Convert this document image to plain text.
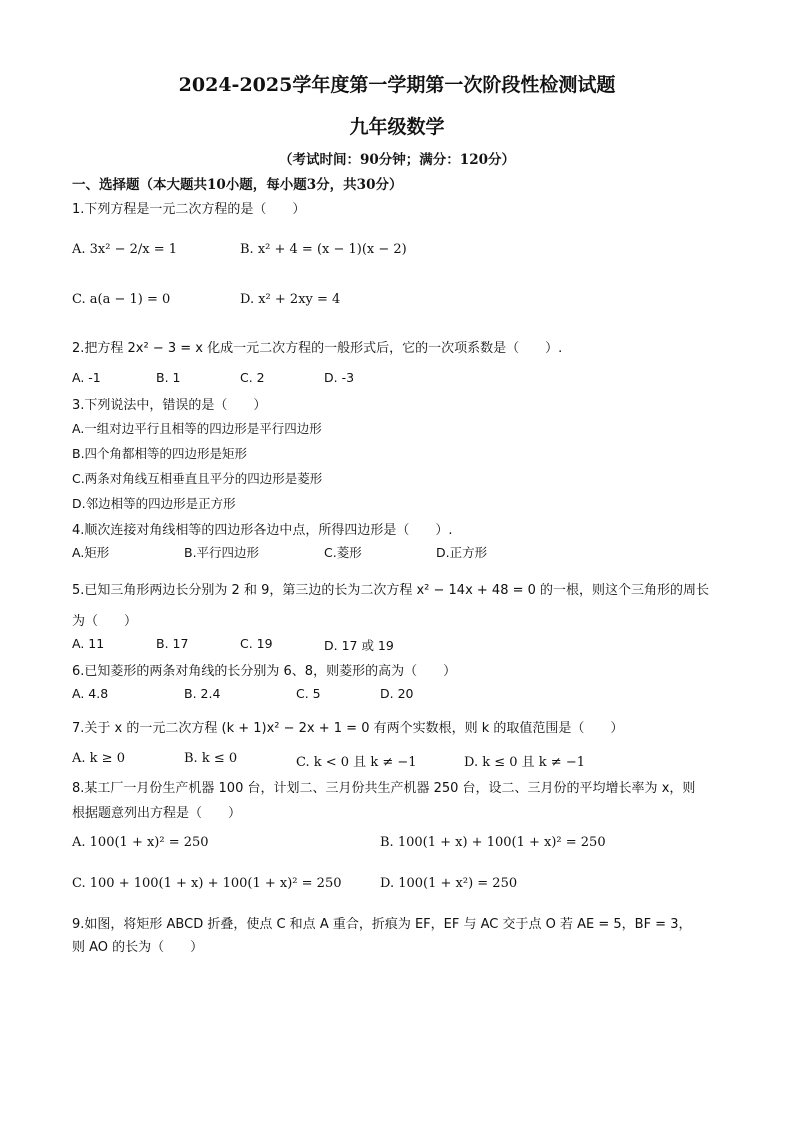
2024-2025学年度第一学期第一次阶段性检测试题
九年级数学
（考试时间：90分钟；满分：120分）
一、选择题（本大题共10小题，每小题3分，共30分）
1.下列方程是一元二次方程的是（　　）
A. 3x² − 2/x = 1	B. x² + 4 = (x − 1)(x − 2)
C. a(a − 1) = 0	D. x² + 2xy = 4
2.把方程 2x² − 3 = x 化成一元二次方程的一般形式后，它的一次项系数是（　　）.
A. -1	B. 1	C. 2	D. -3
3.下列说法中，错误的是（　　）
A.一组对边平行且相等的四边形是平行四边形
B.四个角都相等的四边形是矩形
C.两条对角线互相垂直且平分的四边形是菱形
D.邻边相等的四边形是正方形
4.顺次连接对角线相等的四边形各边中点，所得四边形是（　　）.
A.矩形	B.平行四边形	C.菱形	D.正方形
5.已知三角形两边长分别为 2 和 9，第三边的长为二次方程 x² − 14x + 48 = 0 的一根，则这个三角形的周长
为（　　）
A. 11	B. 17	C. 19	D. 17 或 19
6.已知菱形的两条对角线的长分别为 6、8，则菱形的高为（　　）
A. 4.8	B. 2.4	C. 5	D. 20
7.关于 x 的一元二次方程 (k + 1)x² − 2x + 1 = 0 有两个实数根，则 k 的取值范围是（　　）
A. k ≥ 0	B. k ≤ 0	C. k < 0 且 k ≠ −1	D. k ≤ 0 且 k ≠ −1
8.某工厂一月份生产机器 100 台，计划二、三月份共生产机器 250 台，设二、三月份的平均增长率为 x，则
根据题意列出方程是（　　）
A. 100(1 + x)² = 250	B. 100(1 + x) + 100(1 + x)² = 250
C. 100 + 100(1 + x) + 100(1 + x)² = 250	D. 100(1 + x²) = 250
9.如图，将矩形 ABCD 折叠，使点 C 和点 A 重合，折痕为 EF，EF 与 AC 交于点 O 若 AE = 5，BF = 3，
则 AO 的长为（　　）
